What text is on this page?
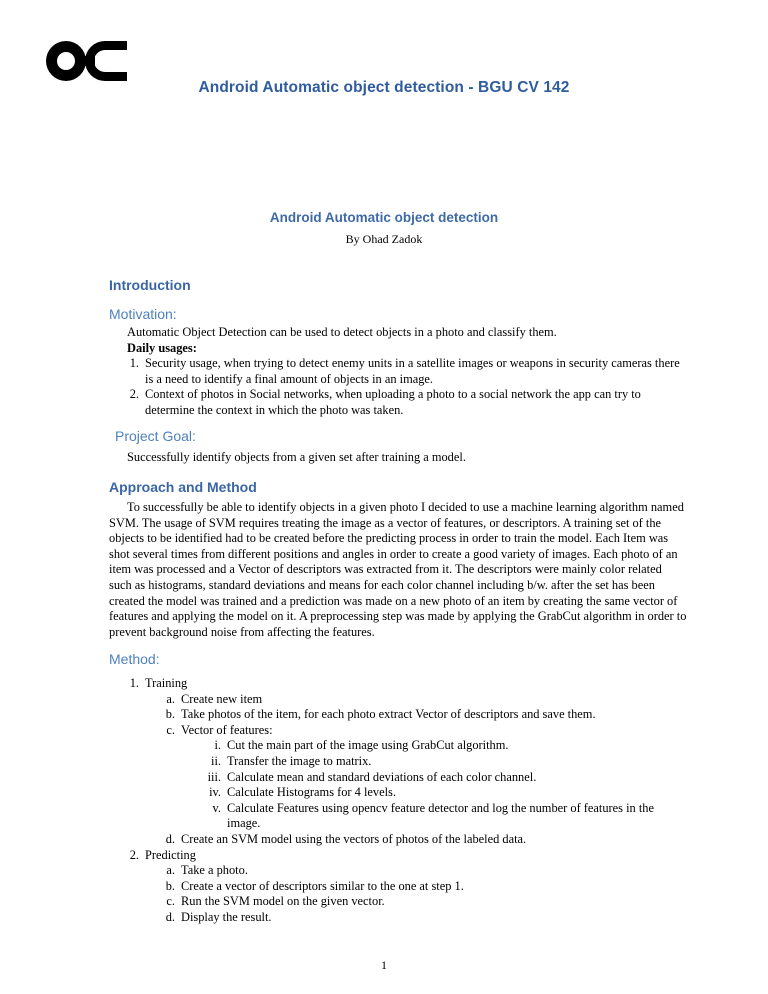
Android Automatic object detection - BGU CV 142
Android Automatic object detection
By Ohad Zadok
Introduction
Motivation:
Automatic Object Detection can be used to detect objects in a photo and classify them.
Daily usages:
1. Security usage, when trying to detect enemy units in a satellite images or weapons in security cameras there is a need to identify a final amount of objects in an image.
2. Context of photos in Social networks, when uploading a photo to a social network the app can try to determine the context in which the photo was taken.
Project Goal:
Successfully identify objects from a given set after training a model.
Approach and Method
To successfully be able to identify objects in a given photo I decided to use a machine learning algorithm named SVM. The usage of SVM requires treating the image as a vector of features, or descriptors. A training set of the objects to be identified had to be created before the predicting process in order to train the model. Each Item was shot several times from different positions and angles in order to create a good variety of images. Each photo of an item was processed and a Vector of descriptors was extracted from it. The descriptors were mainly color related such as histograms, standard deviations and means for each color channel including b/w. after the set has been created the model was trained and a prediction was made on a new photo of an item by creating the same vector of features and applying the model on it. A preprocessing step was made by applying the GrabCut algorithm in order to prevent background noise from affecting the features.
Method:
1. Training
a. Create new item
b. Take photos of the item, for each photo extract Vector of descriptors and save them.
c. Vector of features:
i. Cut the main part of the image using GrabCut algorithm.
ii. Transfer the image to matrix.
iii. Calculate mean and standard deviations of each color channel.
iv. Calculate Histograms for 4 levels.
v. Calculate Features using opencv feature detector and log the number of features in the image.
d. Create an SVM model using the vectors of photos of the labeled data.
2. Predicting
a. Take a photo.
b. Create a vector of descriptors similar to the one at step 1.
c. Run the SVM model on the given vector.
d. Display the result.
1
